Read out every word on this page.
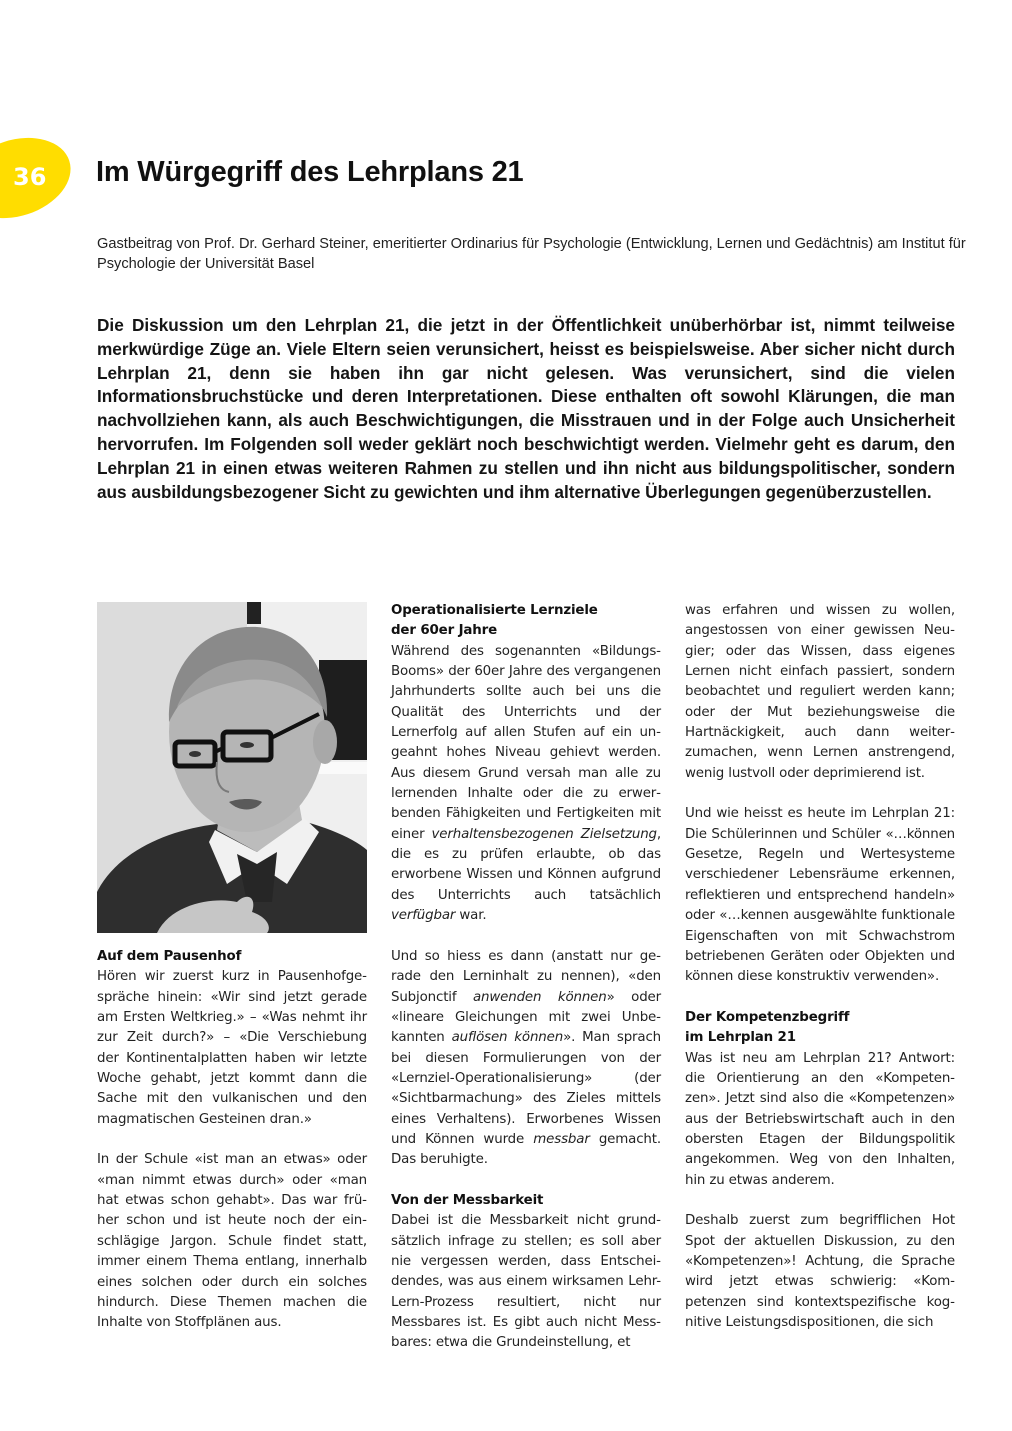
36 Im Würgegriff des Lehrplans 21
Gastbeitrag von Prof. Dr. Gerhard Steiner, emeritierter Ordinarius für Psychologie (Entwicklung, Lernen und Gedächtnis) am Institut für Psychologie der Universität Basel
Die Diskussion um den Lehrplan 21, die jetzt in der Öffentlichkeit unüberhörbar ist, nimmt teilweise merkwürdige Züge an. Viele Eltern seien verunsichert, heisst es beispielsweise. Aber sicher nicht durch Lehrplan 21, denn sie haben ihn gar nicht gelesen. Was verunsichert, sind die vielen Informationsbruchstücke und deren Interpretationen. Diese enthalten oft sowohl Klärungen, die man nachvollziehen kann, als auch Beschwichtigungen, die Misstrauen und in der Folge auch Unsicherheit hervorrufen. Im Folgenden soll weder geklärt noch beschwichtigt werden. Vielmehr geht es darum, den Lehrplan 21 in einen etwas weiteren Rahmen zu stellen und ihn nicht aus bildungspolitischer, sondern aus ausbildungsbezogener Sicht zu gewichten und ihm alternative Überlegungen gegenüberzustellen.
Auf dem Pausenhof

Hören wir zuerst kurz in Pausenhofgespräche hinein: «Wir sind jetzt gerade am Ersten Weltkrieg.» – «Was nehmt ihr zur Zeit durch?» – «Die Verschiebung der Kontinentalplatten haben wir letzte Woche gehabt, jetzt kommt dann die Sache mit den vulkanischen und den magmatischen Gesteinen dran.»

In der Schule «ist man an etwas» oder «man nimmt etwas durch» oder «man hat etwas schon gehabt». Das war früher schon und ist heute noch der einschlägige Jargon. Schule findet statt, immer einem Thema entlang, innerhalb eines solchen oder durch ein solches hindurch. Diese Themen machen die Inhalte von Stoffplänen aus.

Operationalisierte Lernziele
der 60er Jahre

Während des sogenannten «BildungsBooms» der 60er Jahre des vergangenen Jahrhunderts sollte auch bei uns die Qualität des Unterrichts und der Lernerfolg auf allen Stufen auf ein ungeahnt hohes Niveau gehievt werden. Aus diesem Grund versah man alle zu lernenden Inhalte oder die zu erwerbenden Fähigkeiten und Fertigkeiten mit einer verhaltensbezogenen Zielsetzung, die es zu prüfen erlaubte, ob das erworbene Wissen und Können aufgrund des Unterrichts auch tatsächlich verfügbar war.

Und so hiess es dann (anstatt nur gerade den Lerninhalt zu nennen), «den Subjonctif anwenden können» oder «lineare Gleichungen mit zwei Unbekannten auflösen können». Man sprach bei diesen Formulierungen von der «Lernziel-Operationalisierung» (der «Sichtbarmachung» des Zieles mittels eines Verhaltens). Erworbenes Wissen und Können wurde messbar gemacht. Das beruhigte.

Von der Messbarkeit

Dabei ist die Messbarkeit nicht grundsätzlich infrage zu stellen; es soll aber nie vergessen werden, dass Entscheidendes, was aus einem wirksamen Lehr-Lern-Prozess resultiert, nicht nur Messbares ist. Es gibt auch nicht Messbares: etwa die Grundeinstellung, et

was erfahren und wissen zu wollen, angestossen von einer gewissen Neugier; oder das Wissen, dass eigenes Lernen nicht einfach passiert, sondern beobachtet und reguliert werden kann; oder der Mut beziehungsweise die Hartnäckigkeit, auch dann weiterzumachen, wenn Lernen anstrengend, wenig lustvoll oder deprimierend ist.

Und wie heisst es heute im Lehrplan 21: Die Schülerinnen und Schüler «…können Gesetze, Regeln und Wertesysteme verschiedener Lebensräume erkennen, reflektieren und entsprechend handeln» oder «…kennen ausgewählte funktionale Eigenschaften von mit Schwachstrom betriebenen Geräten oder Objekten und können diese konstruktiv verwenden».

Der Kompetenzbegriff
im Lehrplan 21

Was ist neu am Lehrplan 21? Antwort: die Orientierung an den «Kompetenzen». Jetzt sind also die «Kompetenzen» aus der Betriebswirtschaft auch in den obersten Etagen der Bildungspolitik angekommen. Weg von den Inhalten, hin zu etwas anderem.

Deshalb zuerst zum begrifflichen Hot Spot der aktuellen Diskussion, zu den «Kompetenzen»! Achtung, die Sprache wird jetzt etwas schwierig: «Kompetenzen sind kontextspezifische kognitive Leistungsdispositionen, die sich
